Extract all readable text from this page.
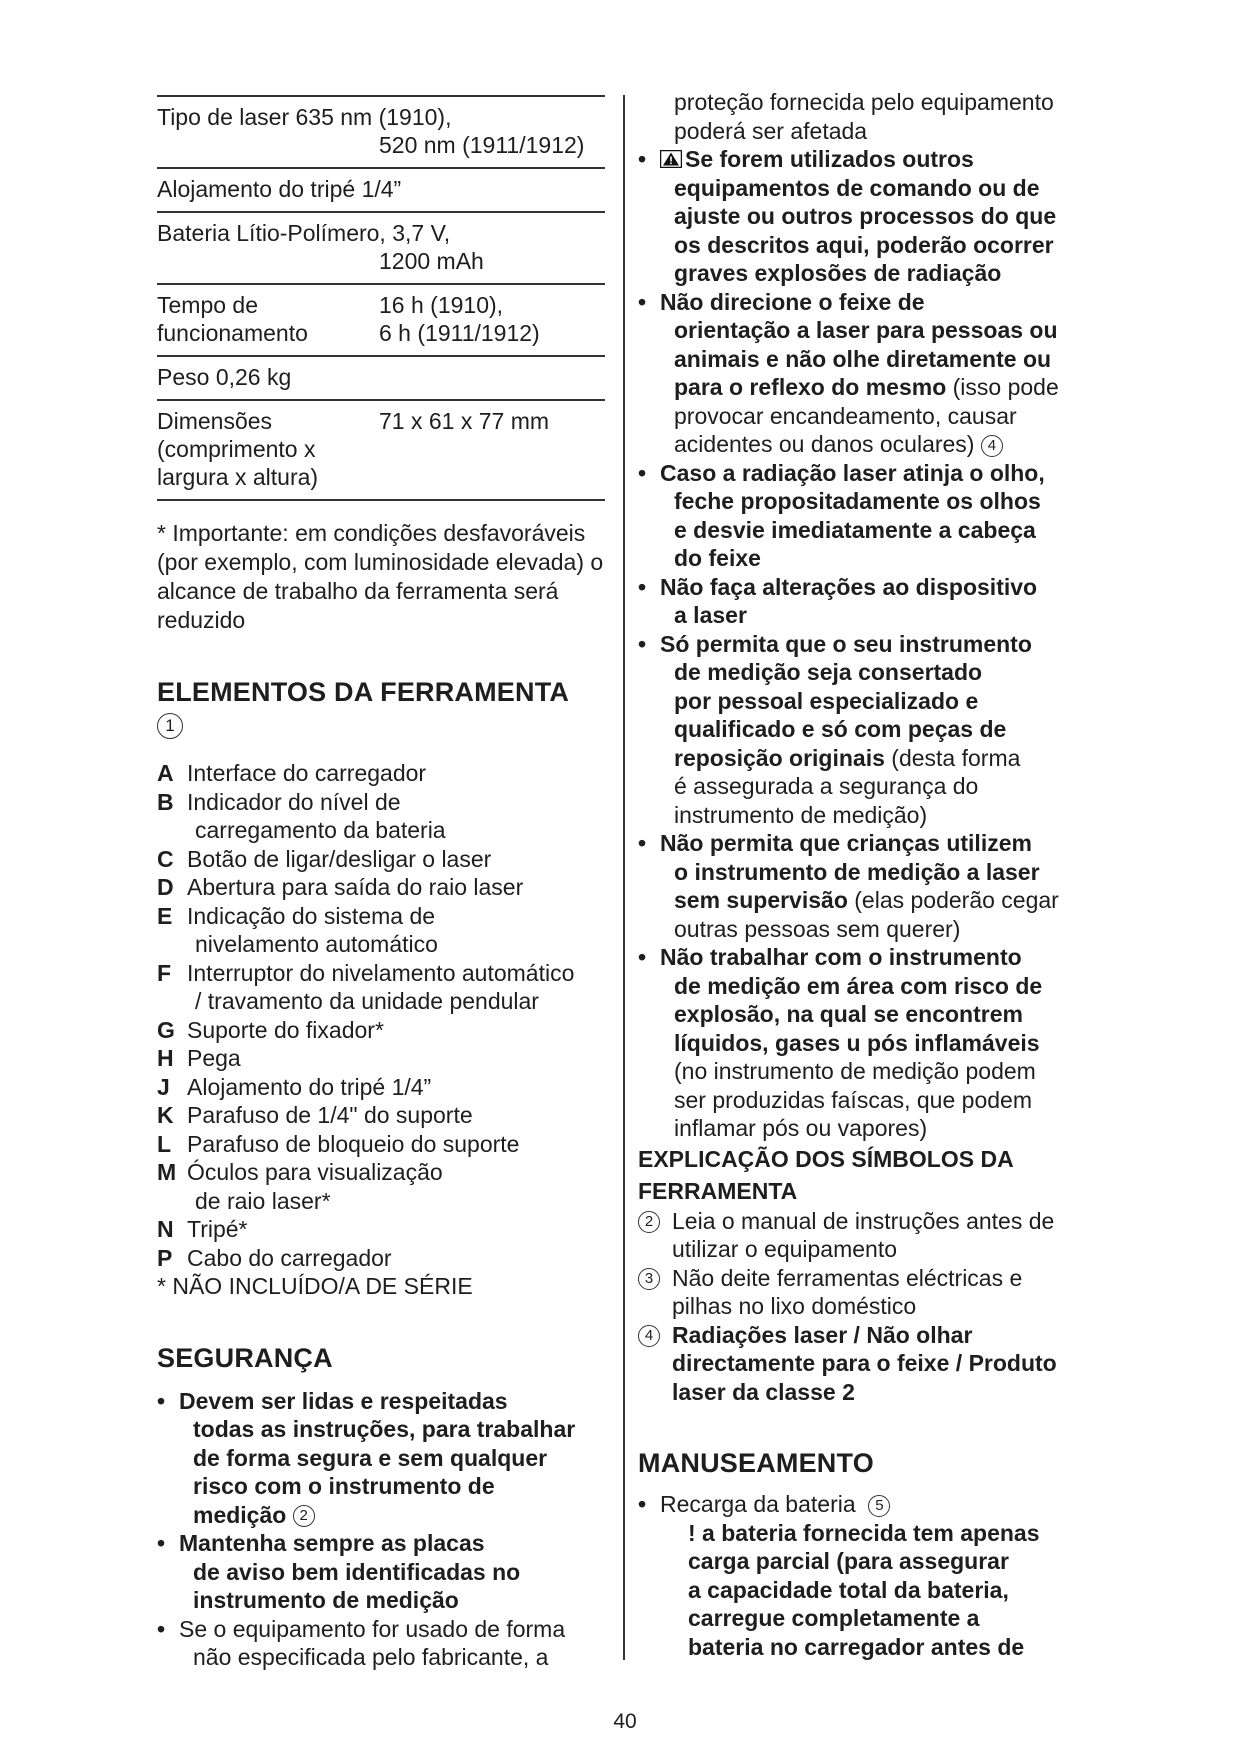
Tipo de laser 635 nm (1910),
520 nm (1911/1912)
Alojamento do tripé 1/4”
Bateria Lítio-Polímero, 3,7 V,
1200 mAh
Tempo de
funcionamento
16 h (1910),
6 h (1911/1912)
Peso 0,26 kg
Dimensões
(comprimento x
largura x altura)
71 x 61 x 77 mm
* Importante: em condições desfavoráveis (por exemplo, com luminosidade elevada) o alcance de trabalho da ferramenta será reduzido
ELEMENTOS DA FERRAMENTA
1
A Interface do carregador
B Indicador do nível de
carregamento da bateria
C Botão de ligar/desligar o laser
D Abertura para saída do raio laser
E Indicação do sistema de
nivelamento automático
F Interruptor do nivelamento automático
/ travamento da unidade pendular
G Suporte do fixador*
H Pega
J Alojamento do tripé 1/4”
K Parafuso de 1/4" do suporte
L Parafuso de bloqueio do suporte
M Óculos para visualização
de raio laser*
N Tripé*
P Cabo do carregador
* NÃO INCLUÍDO/A DE SÉRIE
SEGURANÇA
• Devem ser lidas e respeitadas
todas as instruções, para trabalhar
de forma segura e sem qualquer
risco com o instrumento de
medição 2
• Mantenha sempre as placas
de aviso bem identificadas no
instrumento de medição
• Se o equipamento for usado de forma
não especificada pelo fabricante, a
proteção fornecida pelo equipamento
poderá ser afetada
•	Se forem utilizados outros
equipamentos de comando ou de
ajuste ou outros processos do que
os descritos aqui, poderão ocorrer
graves explosões de radiação
• Não direcione o feixe de
orientação a laser para pessoas ou
animais e não olhe diretamente ou
para o reflexo do mesmo (isso pode
provocar encandeamento, causar
acidentes ou danos oculares) 4
• Caso a radiação laser atinja o olho,
feche propositadamente os olhos
e desvie imediatamente a cabeça
do feixe
• Não faça alterações ao dispositivo
a laser
• Só permita que o seu instrumento
de medição seja consertado
por pessoal especializado e
qualificado e só com peças de
reposição originais (desta forma
é assegurada a segurança do
instrumento de medição)
• Não permita que crianças utilizem
o instrumento de medição a laser
sem supervisão (elas poderão cegar
outras pessoas sem querer)
• Não trabalhar com o instrumento
de medição em área com risco de
explosão, na qual se encontrem
líquidos, gases u pós inflamáveis
(no instrumento de medição podem
ser produzidas faíscas, que podem
inflamar pós ou vapores)
EXPLICAÇÃO DOS SÍMBOLOS DA
FERRAMENTA
2 Leia o manual de instruções antes de
utilizar o equipamento
3 Não deite ferramentas eléctricas e
pilhas no lixo doméstico
4 Radiações laser / Não olhar
directamente para o feixe / Produto
laser da classe 2
MANUSEAMENTO
• Recarga da bateria 5
! a bateria fornecida tem apenas
carga parcial (para assegurar
a capacidade total da bateria,
carregue completamente a
bateria no carregador antes de
40
